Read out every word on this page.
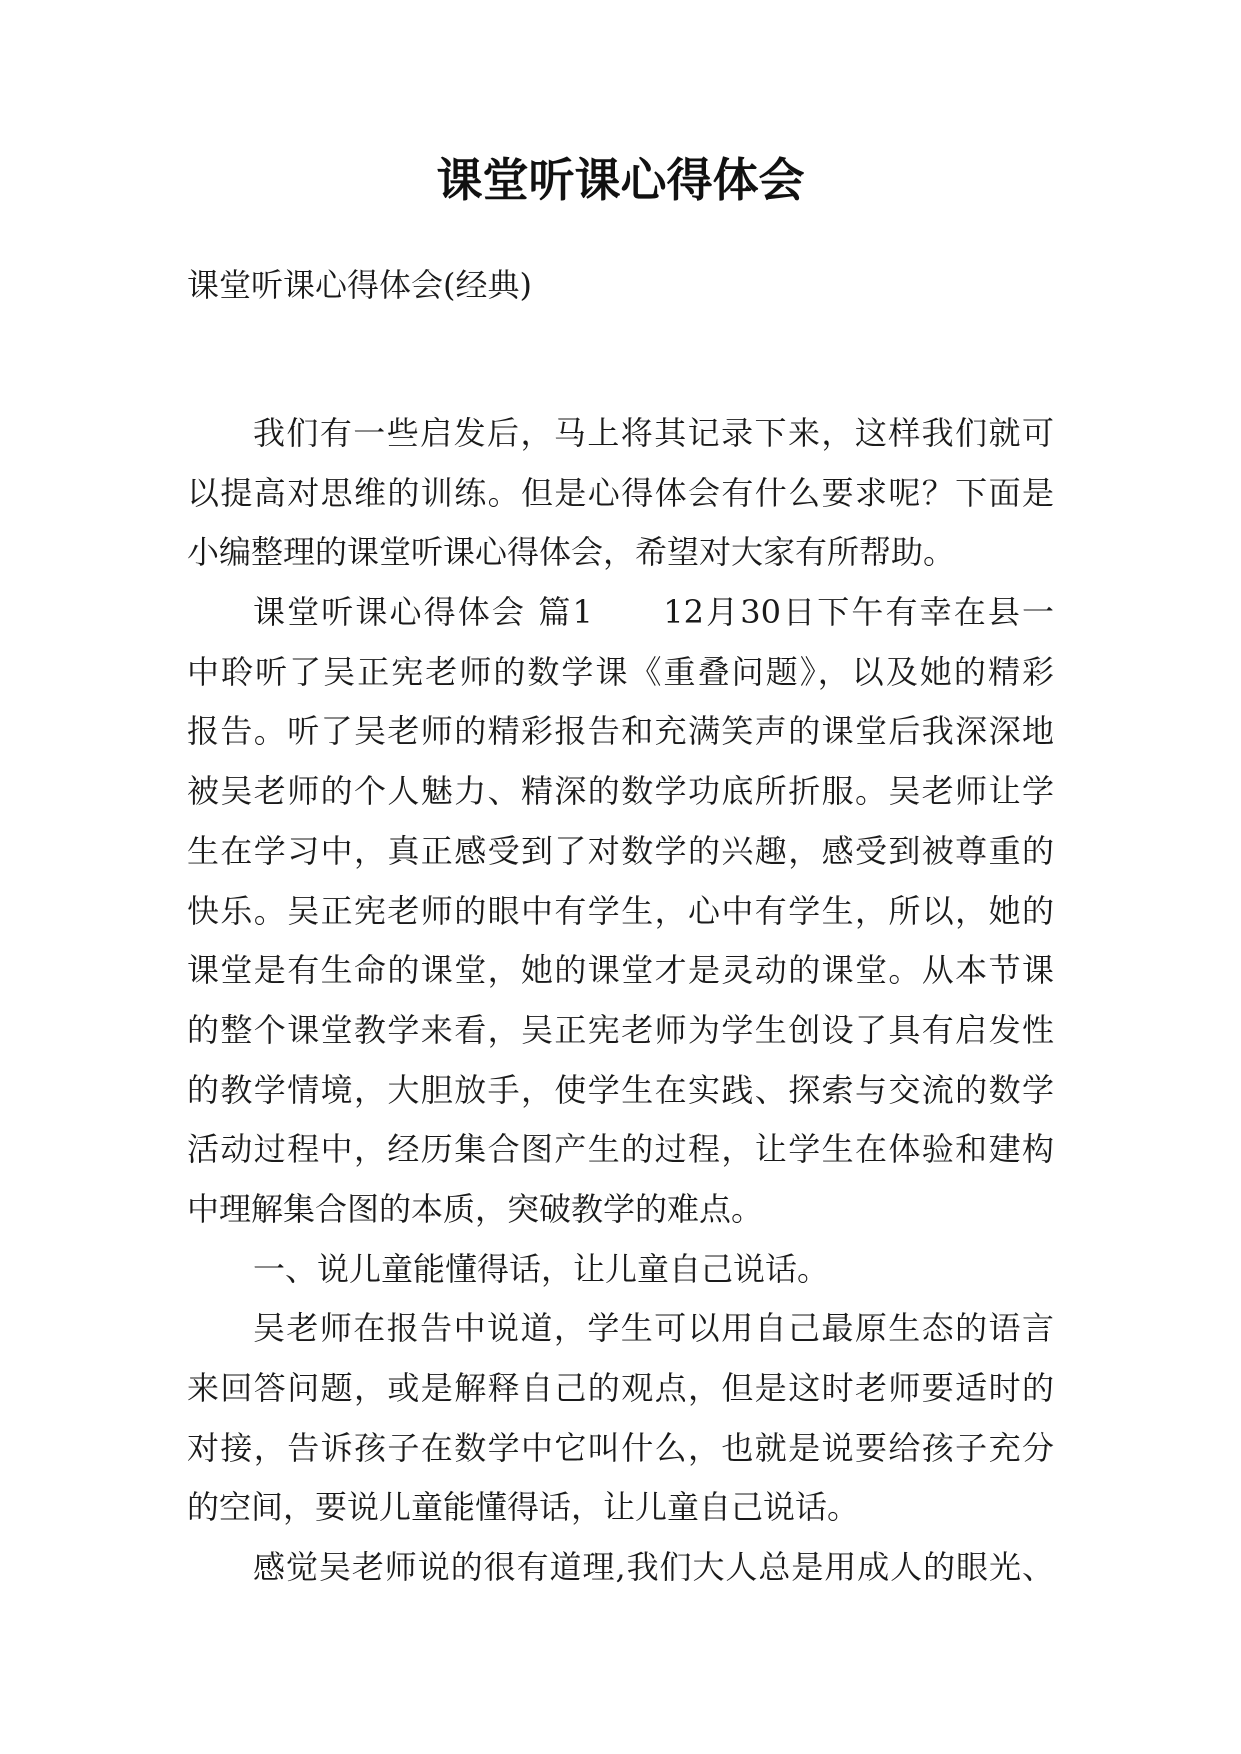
课堂听课心得体会
课堂听课心得体会(经典)
我们有一些启发后，马上将其记录下来，这样我们就可
以提高对思维的训练。但是心得体会有什么要求呢？下面是
小编整理的课堂听课心得体会，希望对大家有所帮助。
课堂听课心得体会 篇1　　12月30日下午有幸在县一
中聆听了吴正宪老师的数学课《重叠问题》，以及她的精彩
报告。听了吴老师的精彩报告和充满笑声的课堂后我深深地
被吴老师的个人魅力、精深的数学功底所折服。吴老师让学
生在学习中，真正感受到了对数学的兴趣，感受到被尊重的
快乐。吴正宪老师的眼中有学生，心中有学生，所以，她的
课堂是有生命的课堂，她的课堂才是灵动的课堂。从本节课
的整个课堂教学来看，吴正宪老师为学生创设了具有启发性
的教学情境，大胆放手，使学生在实践、探索与交流的数学
活动过程中，经历集合图产生的过程，让学生在体验和建构
中理解集合图的本质，突破教学的难点。
一、说儿童能懂得话，让儿童自己说话。
吴老师在报告中说道，学生可以用自己最原生态的语言
来回答问题，或是解释自己的观点，但是这时老师要适时的
对接，告诉孩子在数学中它叫什么，也就是说要给孩子充分
的空间，要说儿童能懂得话，让儿童自己说话。
感觉吴老师说的很有道理,我们大人总是用成人的眼光、
